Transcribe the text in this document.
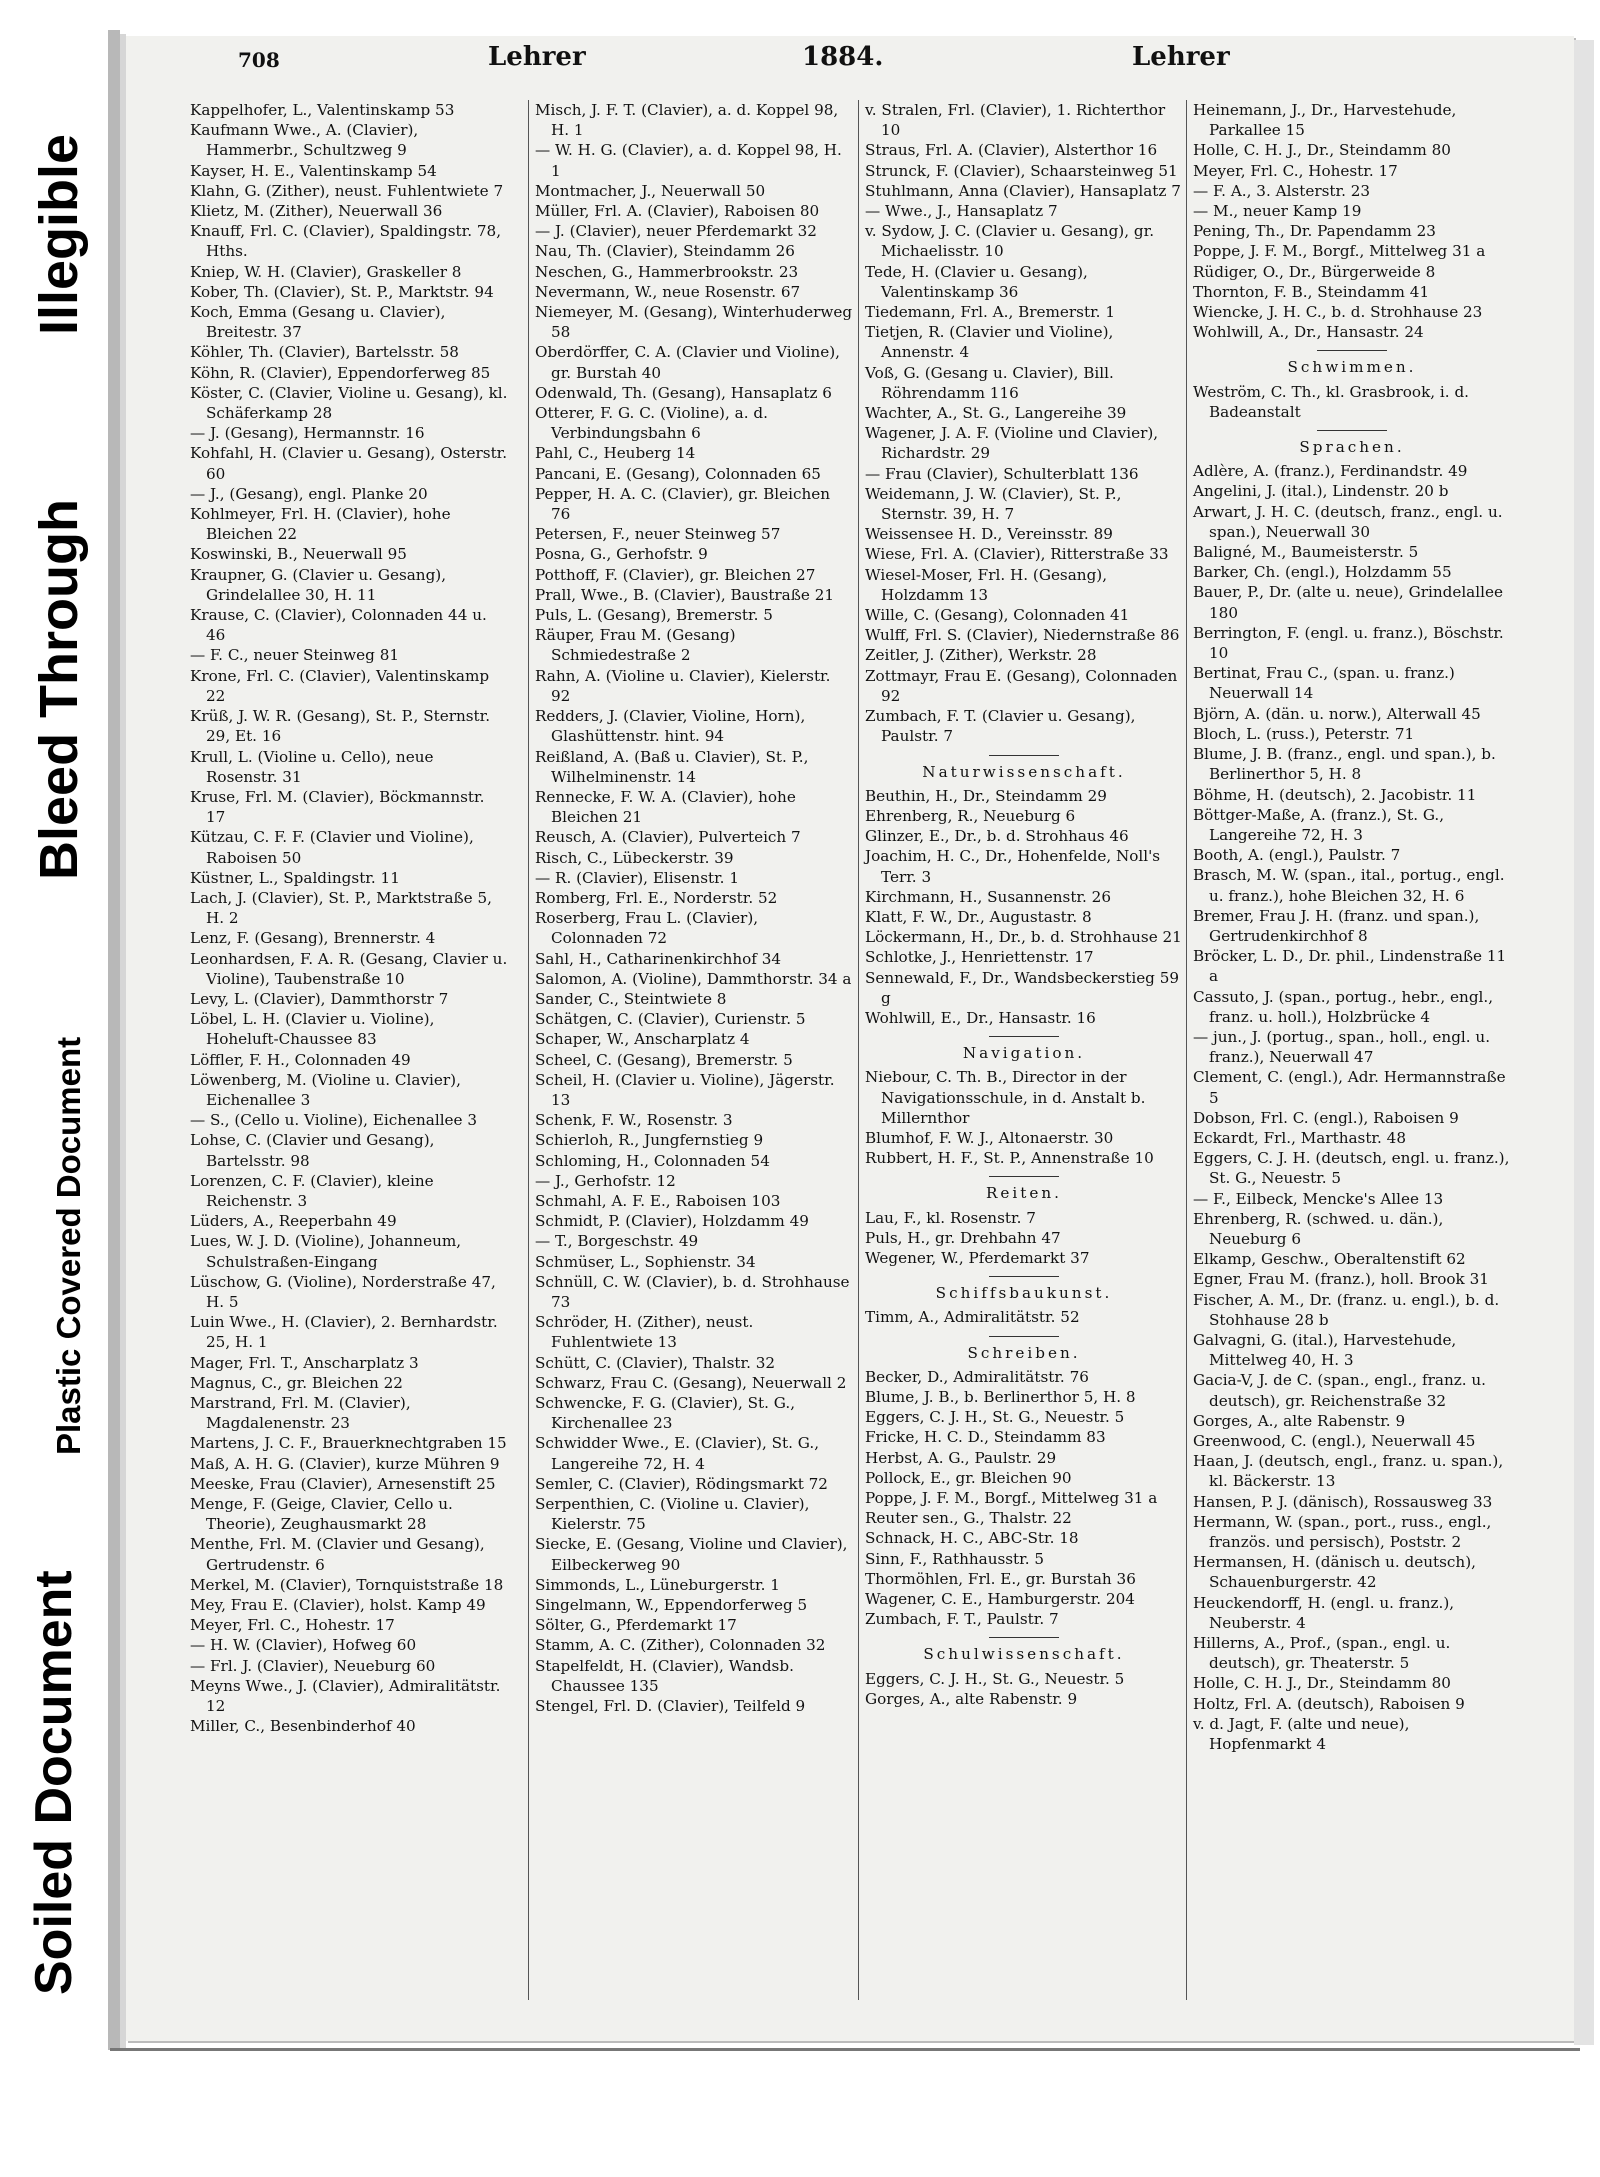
Illegible
Bleed Through
Plastic Covered Document
Soiled Document
708	Lehrer	1884.	Lehrer

Kappelhofer, L., Valentinskamp 53

Kaufmann Wwe., A. (Clavier), Hammerbr., Schultzweg 9

Kayser, H. E., Valentinskamp 54

Klahn, G. (Zither), neust. Fuhlentwiete 7

Klietz, M. (Zither), Neuerwall 36

Knauff, Frl. C. (Clavier), Spaldingstr. 78, Hths.

Kniep, W. H. (Clavier), Graskeller 8

Kober, Th. (Clavier), St. P., Marktstr. 94

Koch, Emma (Gesang u. Clavier), Breitestr. 37

Köhler, Th. (Clavier), Bartelsstr. 58

Köhn, R. (Clavier), Eppendorferweg 85

Köster, C. (Clavier, Violine u. Gesang), kl. Schäferkamp 28

— J. (Gesang), Hermannstr. 16

Kohfahl, H. (Clavier u. Gesang), Osterstr. 60

— J., (Gesang), engl. Planke 20

Kohlmeyer, Frl. H. (Clavier), hohe Bleichen 22

Koswinski, B., Neuerwall 95

Kraupner, G. (Clavier u. Gesang), Grindelallee 30, H. 11

Krause, C. (Clavier), Colonnaden 44 u. 46

— F. C., neuer Steinweg 81

Krone, Frl. C. (Clavier), Valentinskamp 22

Krüß, J. W. R. (Gesang), St. P., Sternstr. 29, Et. 16

Krull, L. (Violine u. Cello), neue Rosenstr. 31

Kruse, Frl. M. (Clavier), Böckmannstr. 17

Kützau, C. F. F. (Clavier und Violine), Raboisen 50

Küstner, L., Spaldingstr. 11

Lach, J. (Clavier), St. P., Marktstraße 5, H. 2

Lenz, F. (Gesang), Brennerstr. 4

Leonhardsen, F. A. R. (Gesang, Clavier u. Violine), Taubenstraße 10

Levy, L. (Clavier), Dammthorstr 7

Löbel, L. H. (Clavier u. Violine), Hoheluft-Chaussee 83

Löffler, F. H., Colonnaden 49

Löwenberg, M. (Violine u. Clavier), Eichenallee 3

— S., (Cello u. Violine), Eichenallee 3

Lohse, C. (Clavier und Gesang), Bartelsstr. 98

Lorenzen, C. F. (Clavier), kleine Reichenstr. 3

Lüders, A., Reeperbahn 49

Lues, W. J. D. (Violine), Johanneum, Schulstraßen-Eingang

Lüschow, G. (Violine), Norderstraße 47, H. 5

Luin Wwe., H. (Clavier), 2. Bernhardstr. 25, H. 1

Mager, Frl. T., Anscharplatz 3

Magnus, C., gr. Bleichen 22

Marstrand, Frl. M. (Clavier), Magdalenenstr. 23

Martens, J. C. F., Brauerknechtgraben 15

Maß, A. H. G. (Clavier), kurze Mühren 9

Meeske, Frau (Clavier), Arnesenstift 25

Menge, F. (Geige, Clavier, Cello u. Theorie), Zeughausmarkt 28

Menthe, Frl. M. (Clavier und Gesang), Gertrudenstr. 6

Merkel, M. (Clavier), Tornquiststraße 18

Mey, Frau E. (Clavier), holst. Kamp 49

Meyer, Frl. C., Hohestr. 17

— H. W. (Clavier), Hofweg 60

— Frl. J. (Clavier), Neueburg 60

Meyns Wwe., J. (Clavier), Admiralitätstr. 12

Miller, C., Besenbinderhof 40

Misch, J. F. T. (Clavier), a. d. Koppel 98, H. 1

— W. H. G. (Clavier), a. d. Koppel 98, H. 1

Montmacher, J., Neuerwall 50

Müller, Frl. A. (Clavier), Raboisen 80

— J. (Clavier), neuer Pferdemarkt 32

Nau, Th. (Clavier), Steindamm 26

Neschen, G., Hammerbrookstr. 23

Nevermann, W., neue Rosenstr. 67

Niemeyer, M. (Gesang), Winterhuderweg 58

Oberdörffer, C. A. (Clavier und Violine), gr. Burstah 40

Odenwald, Th. (Gesang), Hansaplatz 6

Otterer, F. G. C. (Violine), a. d. Verbindungsbahn 6

Pahl, C., Heuberg 14

Pancani, E. (Gesang), Colonnaden 65

Pepper, H. A. C. (Clavier), gr. Bleichen 76

Petersen, F., neuer Steinweg 57

Posna, G., Gerhofstr. 9

Potthoff, F. (Clavier), gr. Bleichen 27

Prall, Wwe., B. (Clavier), Baustraße 21

Puls, L. (Gesang), Bremerstr. 5

Räuper, Frau M. (Gesang) Schmiedestraße 2

Rahn, A. (Violine u. Clavier), Kielerstr. 92

Redders, J. (Clavier, Violine, Horn), Glashüttenstr. hint. 94

Reißland, A. (Baß u. Clavier), St. P., Wilhelminenstr. 14

Rennecke, F. W. A. (Clavier), hohe Bleichen 21

Reusch, A. (Clavier), Pulverteich 7

Risch, C., Lübeckerstr. 39

— R. (Clavier), Elisenstr. 1

Romberg, Frl. E., Norderstr. 52

Roserberg, Frau L. (Clavier), Colonnaden 72

Sahl, H., Catharinenkirchhof 34

Salomon, A. (Violine), Dammthorstr. 34 a

Sander, C., Steintwiete 8

Schätgen, C. (Clavier), Curienstr. 5

Schaper, W., Anscharplatz 4

Scheel, C. (Gesang), Bremerstr. 5

Scheil, H. (Clavier u. Violine), Jägerstr. 13

Schenk, F. W., Rosenstr. 3

Schierloh, R., Jungfernstieg 9

Schloming, H., Colonnaden 54

— J., Gerhofstr. 12

Schmahl, A. F. E., Raboisen 103

Schmidt, P. (Clavier), Holzdamm 49

— T., Borgeschstr. 49

Schmüser, L., Sophienstr. 34

Schnüll, C. W. (Clavier), b. d. Strohhause 73

Schröder, H. (Zither), neust. Fuhlentwiete 13

Schütt, C. (Clavier), Thalstr. 32

Schwarz, Frau C. (Gesang), Neuerwall 2

Schwencke, F. G. (Clavier), St. G., Kirchenallee 23

Schwidder Wwe., E. (Clavier), St. G., Langereihe 72, H. 4

Semler, C. (Clavier), Rödingsmarkt 72

Serpenthien, C. (Violine u. Clavier), Kielerstr. 75

Siecke, E. (Gesang, Violine und Clavier), Eilbeckerweg 90

Simmonds, L., Lüneburgerstr. 1

Singelmann, W., Eppendorferweg 5

Sölter, G., Pferdemarkt 17

Stamm, A. C. (Zither), Colonnaden 32

Stapelfeldt, H. (Clavier), Wandsb. Chaussee 135

Stengel, Frl. D. (Clavier), Teilfeld 9

v. Stralen, Frl. (Clavier), 1. Richterthor 10

Straus, Frl. A. (Clavier), Alsterthor 16

Strunck, F. (Clavier), Schaarsteinweg 51

Stuhlmann, Anna (Clavier), Hansaplatz 7

— Wwe., J., Hansaplatz 7

v. Sydow, J. C. (Clavier u. Gesang), gr. Michaelisstr. 10

Tede, H. (Clavier u. Gesang), Valentinskamp 36

Tiedemann, Frl. A., Bremerstr. 1

Tietjen, R. (Clavier und Violine), Annenstr. 4

Voß, G. (Gesang u. Clavier), Bill. Röhrendamm 116

Wachter, A., St. G., Langereihe 39

Wagener, J. A. F. (Violine und Clavier), Richardstr. 29

— Frau (Clavier), Schulterblatt 136

Weidemann, J. W. (Clavier), St. P., Sternstr. 39, H. 7

Weissensee H. D., Vereinsstr. 89

Wiese, Frl. A. (Clavier), Ritterstraße 33

Wiesel-Moser, Frl. H. (Gesang), Holzdamm 13

Wille, C. (Gesang), Colonnaden 41

Wulff, Frl. S. (Clavier), Niedernstraße 86

Zeitler, J. (Zither), Werkstr. 28

Zottmayr, Frau E. (Gesang), Colonnaden 92

Zumbach, F. T. (Clavier u. Gesang), Paulstr. 7

Naturwissenschaft.

Beuthin, H., Dr., Steindamm 29

Ehrenberg, R., Neueburg 6

Glinzer, E., Dr., b. d. Strohhaus 46

Joachim, H. C., Dr., Hohenfelde, Noll's Terr. 3

Kirchmann, H., Susannenstr. 26

Klatt, F. W., Dr., Augustastr. 8

Löckermann, H., Dr., b. d. Strohhause 21

Schlotke, J., Henriettenstr. 17

Sennewald, F., Dr., Wandsbeckerstieg 59 g

Wohlwill, E., Dr., Hansastr. 16

Navigation.

Niebour, C. Th. B., Director in der Navigationsschule, in d. Anstalt b. Millernthor

Blumhof, F. W. J., Altonaerstr. 30

Rubbert, H. F., St. P., Annenstraße 10

Reiten.

Lau, F., kl. Rosenstr. 7

Puls, H., gr. Drehbahn 47

Wegener, W., Pferdemarkt 37

Schiffsbaukunst.

Timm, A., Admiralitätstr. 52

Schreiben.

Becker, D., Admiralitätstr. 76

Blume, J. B., b. Berlinerthor 5, H. 8

Eggers, C. J. H., St. G., Neuestr. 5

Fricke, H. C. D., Steindamm 83

Herbst, A. G., Paulstr. 29

Pollock, E., gr. Bleichen 90

Poppe, J. F. M., Borgf., Mittelweg 31 a

Reuter sen., G., Thalstr. 22

Schnack, H. C., ABC-Str. 18

Sinn, F., Rathhausstr. 5

Thormöhlen, Frl. E., gr. Burstah 36

Wagener, C. E., Hamburgerstr. 204

Zumbach, F. T., Paulstr. 7

Schulwissenschaft.

Eggers, C. J. H., St. G., Neuestr. 5

Gorges, A., alte Rabenstr. 9

Heinemann, J., Dr., Harvestehude, Parkallee 15

Holle, C. H. J., Dr., Steindamm 80

Meyer, Frl. C., Hohestr. 17

— F. A., 3. Alsterstr. 23

— M., neuer Kamp 19

Pening, Th., Dr. Papendamm 23

Poppe, J. F. M., Borgf., Mittelweg 31 a

Rüdiger, O., Dr., Bürgerweide 8

Thornton, F. B., Steindamm 41

Wiencke, J. H. C., b. d. Strohhause 23

Wohlwill, A., Dr., Hansastr. 24

Schwimmen.

Weström, C. Th., kl. Grasbrook, i. d. Badeanstalt

Sprachen.

Adlère, A. (franz.), Ferdinandstr. 49

Angelini, J. (ital.), Lindenstr. 20 b

Arwart, J. H. C. (deutsch, franz., engl. u. span.), Neuerwall 30

Baligné, M., Baumeisterstr. 5

Barker, Ch. (engl.), Holzdamm 55

Bauer, P., Dr. (alte u. neue), Grindelallee 180

Berrington, F. (engl. u. franz.), Böschstr. 10

Bertinat, Frau C., (span. u. franz.) Neuerwall 14

Björn, A. (dän. u. norw.), Alterwall 45

Bloch, L. (russ.), Peterstr. 71

Blume, J. B. (franz., engl. und span.), b. Berlinerthor 5, H. 8

Böhme, H. (deutsch), 2. Jacobistr. 11

Böttger-Maße, A. (franz.), St. G., Langereihe 72, H. 3

Booth, A. (engl.), Paulstr. 7

Brasch, M. W. (span., ital., portug., engl. u. franz.), hohe Bleichen 32, H. 6

Bremer, Frau J. H. (franz. und span.), Gertrudenkirchhof 8

Bröcker, L. D., Dr. phil., Lindenstraße 11 a

Cassuto, J. (span., portug., hebr., engl., franz. u. holl.), Holzbrücke 4

— jun., J. (portug., span., holl., engl. u. franz.), Neuerwall 47

Clement, C. (engl.), Adr. Hermannstraße 5

Dobson, Frl. C. (engl.), Raboisen 9

Eckardt, Frl., Marthastr. 48

Eggers, C. J. H. (deutsch, engl. u. franz.), St. G., Neuestr. 5

— F., Eilbeck, Mencke's Allee 13

Ehrenberg, R. (schwed. u. dän.), Neueburg 6

Elkamp, Geschw., Oberaltenstift 62

Egner, Frau M. (franz.), holl. Brook 31

Fischer, A. M., Dr. (franz. u. engl.), b. d. Stohhause 28 b

Galvagni, G. (ital.), Harvestehude, Mittelweg 40, H. 3

Gacia-V, J. de C. (span., engl., franz. u. deutsch), gr. Reichenstraße 32

Gorges, A., alte Rabenstr. 9

Greenwood, C. (engl.), Neuerwall 45

Haan, J. (deutsch, engl., franz. u. span.), kl. Bäckerstr. 13

Hansen, P. J. (dänisch), Rossausweg 33

Hermann, W. (span., port., russ., engl., französ. und persisch), Poststr. 2

Hermansen, H. (dänisch u. deutsch), Schauenburgerstr. 42

Heuckendorff, H. (engl. u. franz.), Neuberstr. 4

Hillerns, A., Prof., (span., engl. u. deutsch), gr. Theaterstr. 5

Holle, C. H. J., Dr., Steindamm 80

Holtz, Frl. A. (deutsch), Raboisen 9

v. d. Jagt, F. (alte und neue), Hopfenmarkt 4
